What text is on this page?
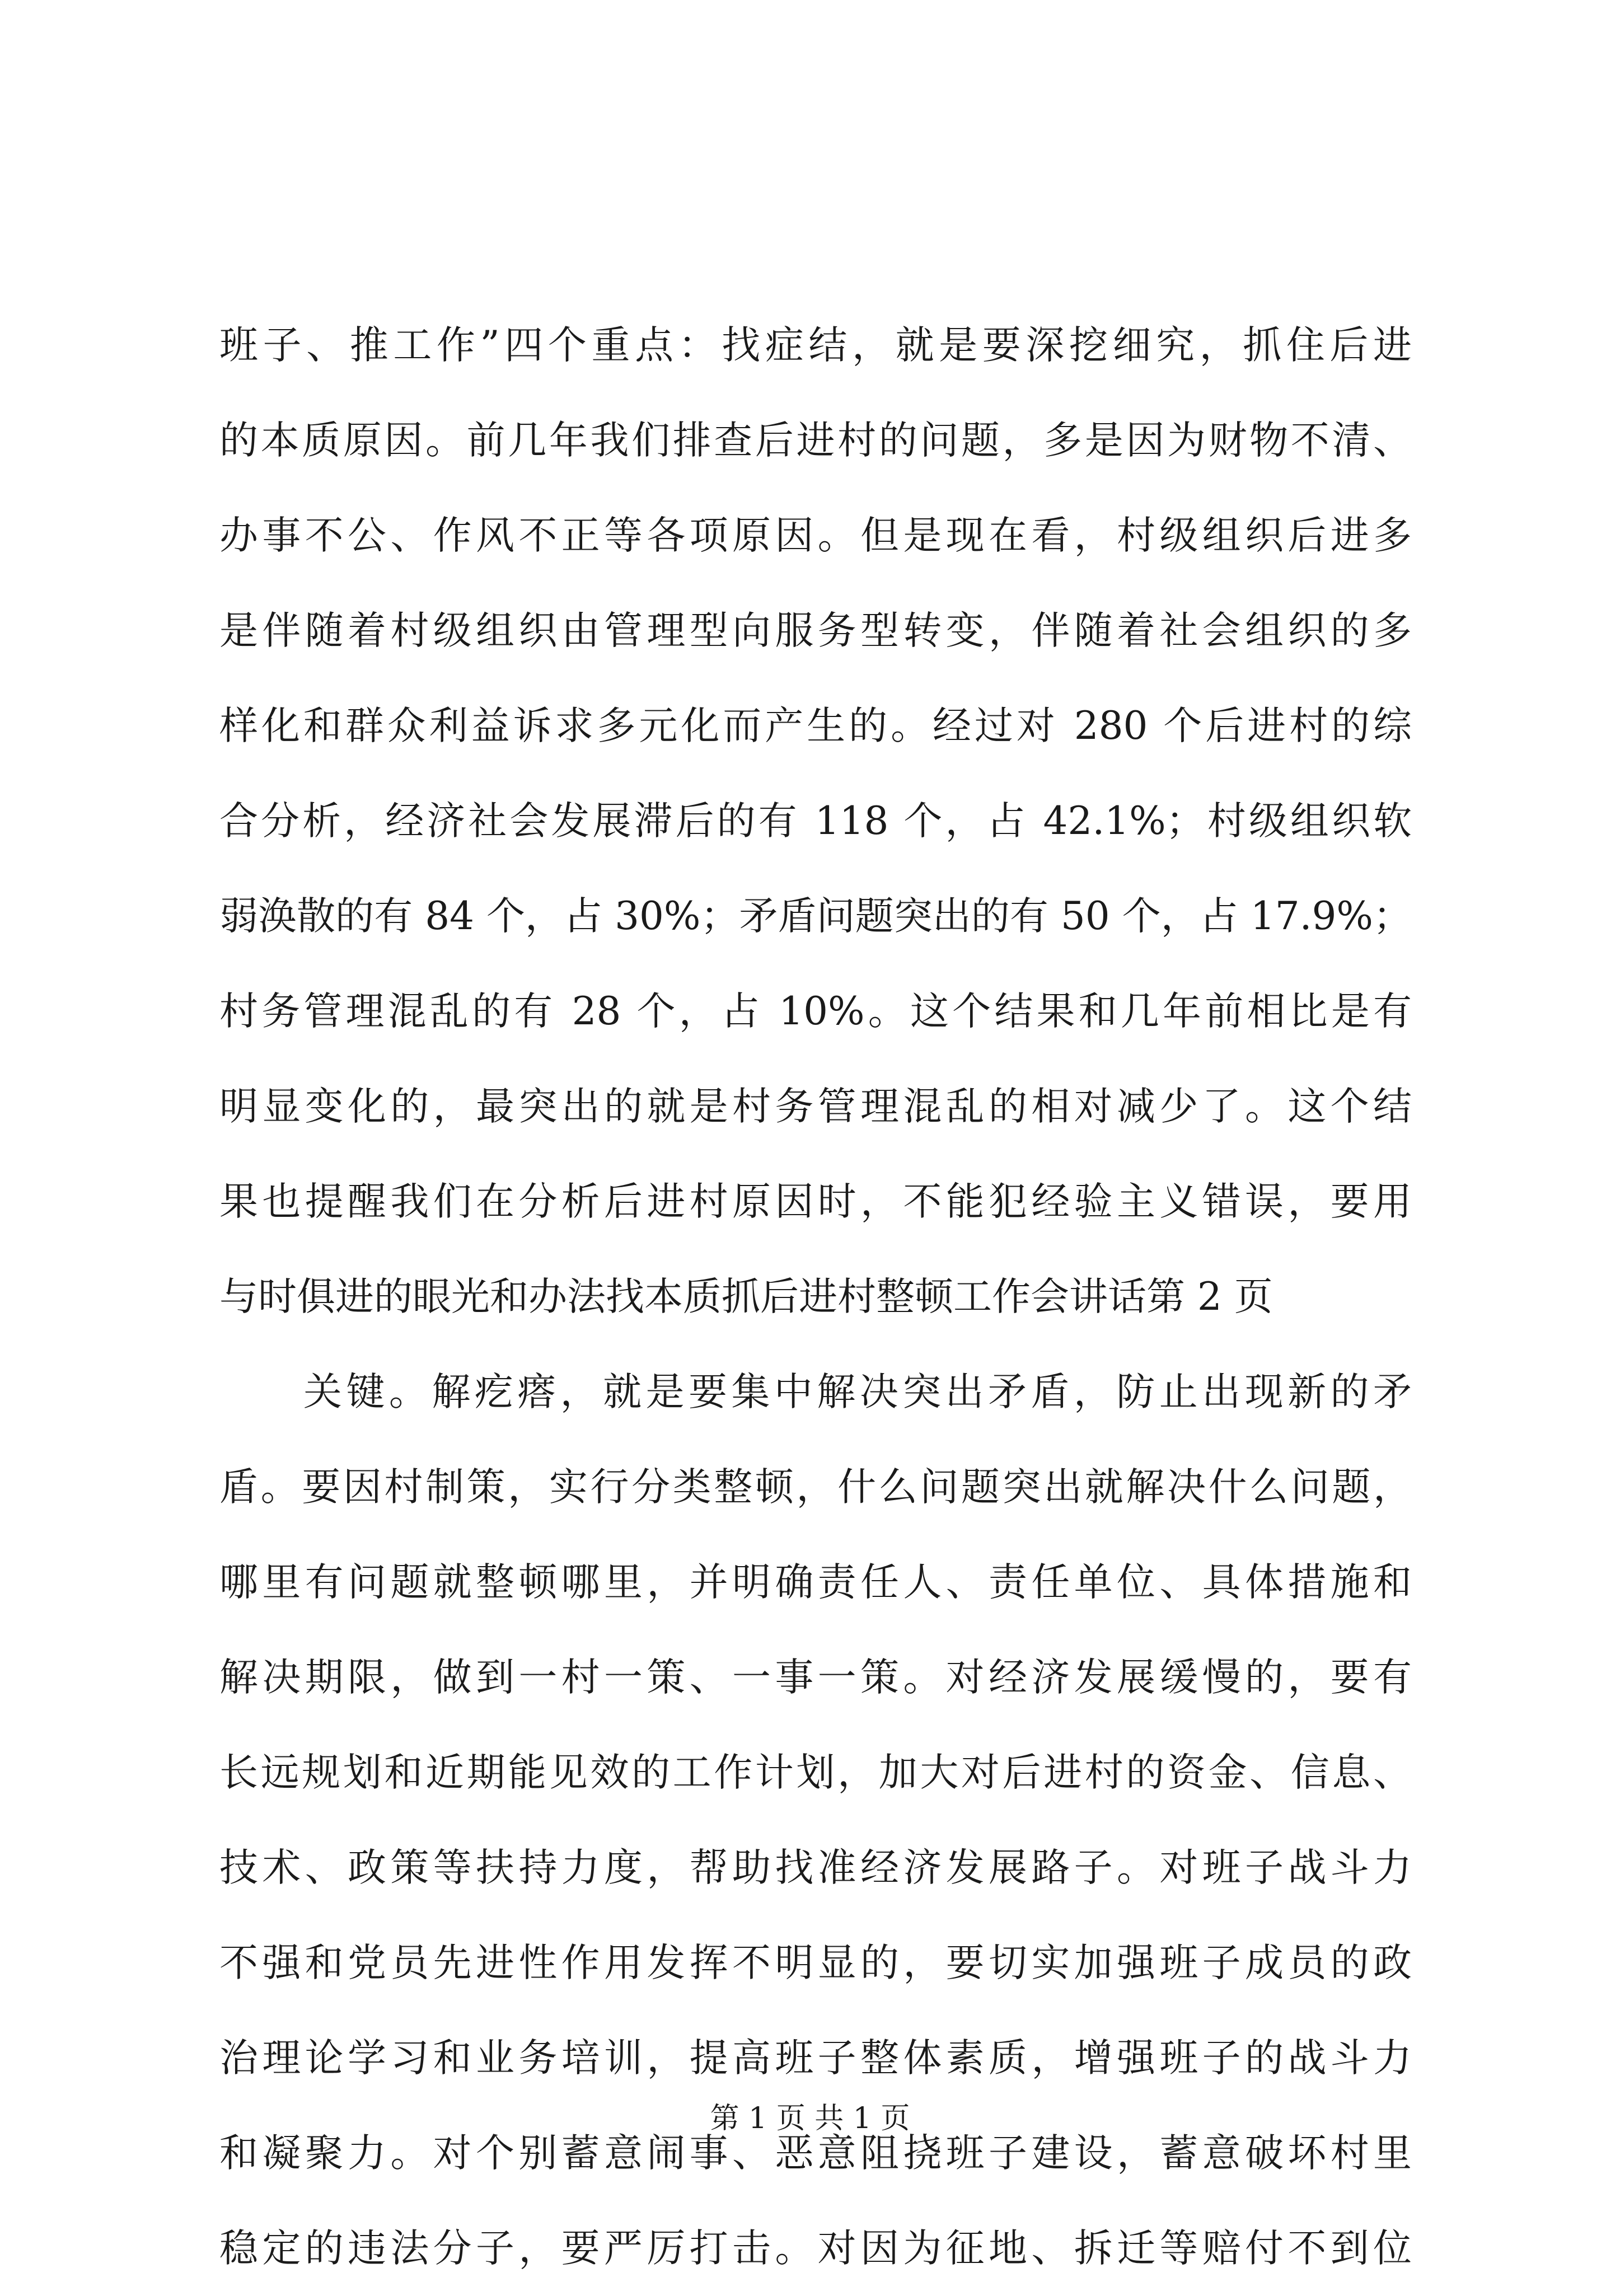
班子、推工作”四个重点：找症结，就是要深挖细究，抓住后进
的本质原因。前几年我们排查后进村的问题，多是因为财物不清、
办事不公、作风不正等各项原因。但是现在看，村级组织后进多
是伴随着村级组织由管理型向服务型转变，伴随着社会组织的多
样化和群众利益诉求多元化而产生的。经过对 280 个后进村的综
合分析，经济社会发展滞后的有 118 个，占 42.1%；村级组织软
弱涣散的有 84 个，占 30%；矛盾问题突出的有 50 个，占 17.9%；
村务管理混乱的有 28 个，占 10%。这个结果和几年前相比是有
明显变化的，最突出的就是村务管理混乱的相对减少了。这个结
果也提醒我们在分析后进村原因时，不能犯经验主义错误，要用
与时俱进的眼光和办法找本质抓后进村整顿工作会讲话第 2 页
关键。解疙瘩，就是要集中解决突出矛盾，防止出现新的矛
盾。要因村制策，实行分类整顿，什么问题突出就解决什么问题，
哪里有问题就整顿哪里，并明确责任人、责任单位、具体措施和
解决期限，做到一村一策、一事一策。对经济发展缓慢的，要有
长远规划和近期能见效的工作计划，加大对后进村的资金、信息、
技术、政策等扶持力度，帮助找准经济发展路子。对班子战斗力
不强和党员先进性作用发挥不明显的，要切实加强班子成员的政
治理论学习和业务培训，提高班子整体素质，增强班子的战斗力
和凝聚力。对个别蓄意闹事、恶意阻挠班子建设，蓄意破坏村里
稳定的违法分子，要严厉打击。对因为征地、拆迁等赔付不到位
第 1 页 共 1 页
